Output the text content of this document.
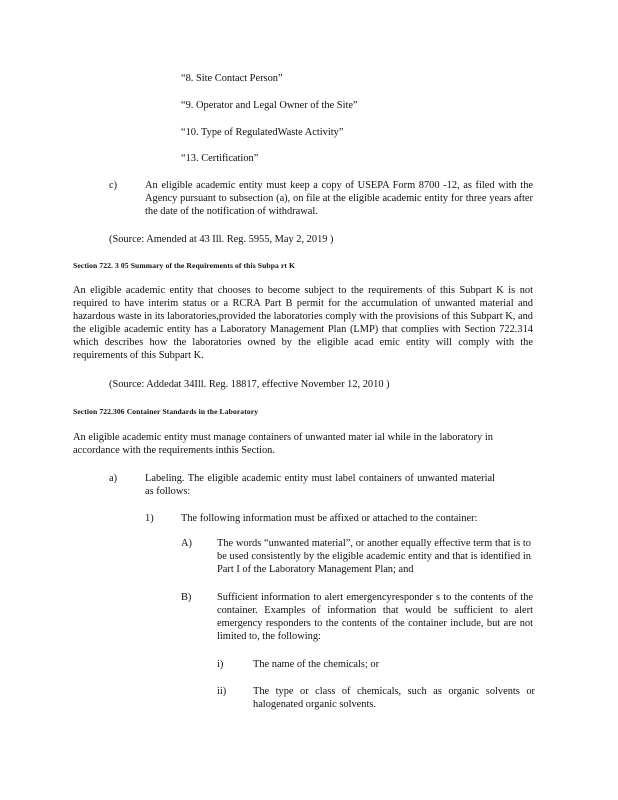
“8. Site Contact Person”
“9. Operator and Legal Owner of the Site”
“10. Type of RegulatedWaste Activity”
“13. Certification”
c)	An eligible academic entity must keep a copy of USEPA Form 8700 -12, as filed with the Agency pursuant to subsection (a), on file at the eligible academic entity for three years after the date of the notification of withdrawal.
(Source: Amended at 43 Ill. Reg. 5955, May 2, 2019 )
Section 722. 3 05 Summary of the Requirements of this Subpa rt K
An eligible academic entity that chooses to become subject to the requirements of this Subpart K is not required to have interim status or a RCRA Part B permit for the accumulation of unwanted material and hazardous waste in its laboratories,provided the laboratories comply with the provisions of this Subpart K, and the eligible academic entity has a Laboratory Management Plan (LMP) that complies with Section 722.314 which describes how the laboratories owned by the eligible acad emic entity will comply with the requirements of this Subpart K.
(Source: Addedat 34Ill. Reg. 18817, effective November 12, 2010 )
Section 722.306 Container Standards in the Laboratory
An eligible academic entity must manage containers of unwanted mater ial while in the laboratory in accordance with the requirements inthis Section.
a)	Labeling. The eligible academic entity must label containers of unwanted material as follows:
1)	The following information must be affixed or attached to the container:
A) The words “unwanted material”, or another equally effective term that is to be used consistently by the eligible academic entity and that is identified in Part I of the Laboratory Management Plan; and
B) Sufficient information to alert emergencyresponder s to the contents of the container. Examples of information that would be sufficient to alert emergency responders to the contents of the container include, but are not limited to, the following:
i)	The name of the chemicals; or
ii)	The type or class of chemicals, such as organic solvents or halogenated organic solvents.
